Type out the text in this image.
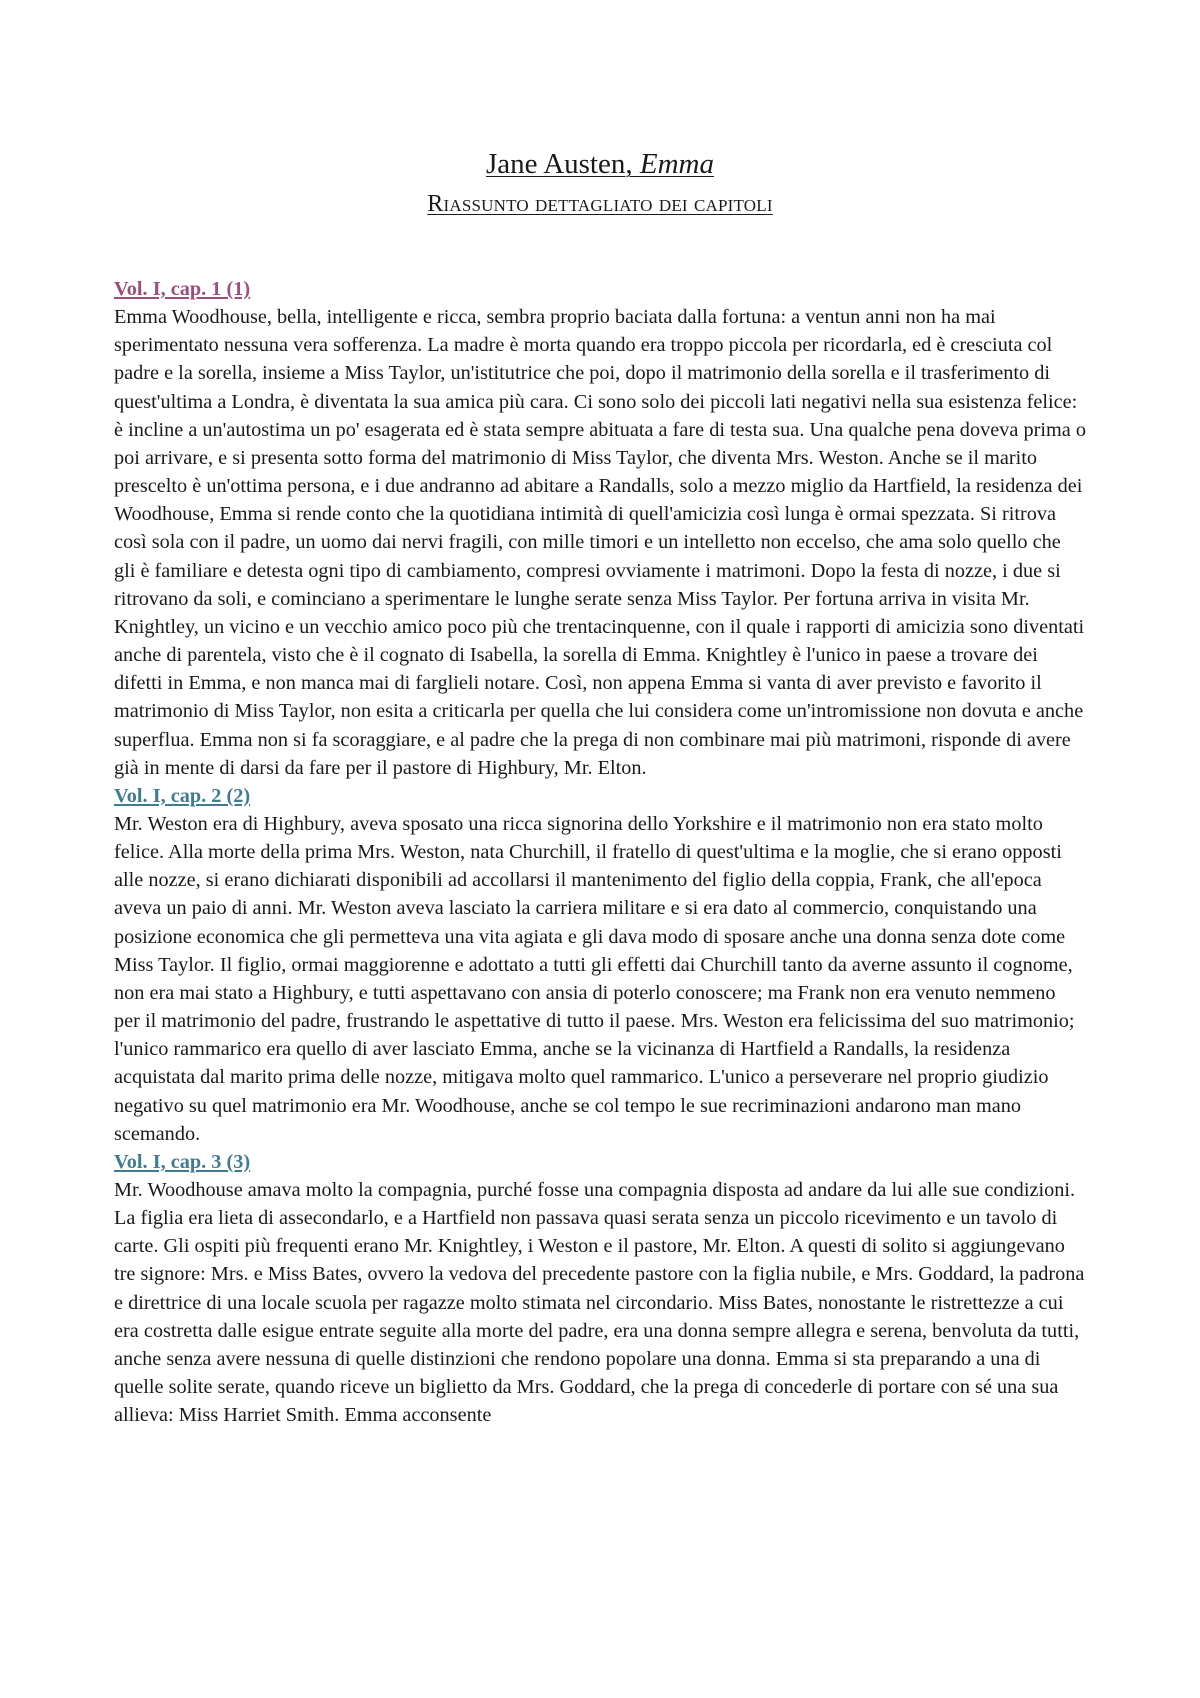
Jane Austen, Emma
Riassunto dettagliato dei capitoli
Vol. I, cap. 1 (1)

Emma Woodhouse, bella, intelligente e ricca, sembra proprio baciata dalla fortuna: a ventun anni non ha mai sperimentato nessuna vera sofferenza. La madre è morta quando era troppo piccola per ricordarla, ed è cresciuta col padre e la sorella, insieme a Miss Taylor, un'istitutrice che poi, dopo il matrimonio della sorella e il trasferimento di quest'ultima a Londra, è diventata la sua amica più cara. Ci sono solo dei piccoli lati negativi nella sua esistenza felice: è incline a un'autostima un po' esagerata ed è stata sempre abituata a fare di testa sua. Una qualche pena doveva prima o poi arrivare, e si presenta sotto forma del matrimonio di Miss Taylor, che diventa Mrs. Weston. Anche se il marito prescelto è un'ottima persona, e i due andranno ad abitare a Randalls, solo a mezzo miglio da Hartfield, la residenza dei Woodhouse, Emma si rende conto che la quotidiana intimità di quell'amicizia così lunga è ormai spezzata. Si ritrova così sola con il padre, un uomo dai nervi fragili, con mille timori e un intelletto non eccelso, che ama solo quello che gli è familiare e detesta ogni tipo di cambiamento, compresi ovviamente i matrimoni. Dopo la festa di nozze, i due si ritrovano da soli, e cominciano a sperimentare le lunghe serate senza Miss Taylor. Per fortuna arriva in visita Mr. Knightley, un vicino e un vecchio amico poco più che trentacinquenne, con il quale i rapporti di amicizia sono diventati anche di parentela, visto che è il cognato di Isabella, la sorella di Emma. Knightley è l'unico in paese a trovare dei difetti in Emma, e non manca mai di farglieli notare. Così, non appena Emma si vanta di aver previsto e favorito il matrimonio di Miss Taylor, non esita a criticarla per quella che lui considera come un'intromissione non dovuta e anche superflua. Emma non si fa scoraggiare, e al padre che la prega di non combinare mai più matrimoni, risponde di avere già in mente di darsi da fare per il pastore di Highbury, Mr. Elton.

Vol. I, cap. 2 (2)

Mr. Weston era di Highbury, aveva sposato una ricca signorina dello Yorkshire e il matrimonio non era stato molto felice. Alla morte della prima Mrs. Weston, nata Churchill, il fratello di quest'ultima e la moglie, che si erano opposti alle nozze, si erano dichiarati disponibili ad accollarsi il mantenimento del figlio della coppia, Frank, che all'epoca aveva un paio di anni. Mr. Weston aveva lasciato la carriera militare e si era dato al commercio, conquistando una posizione economica che gli permetteva una vita agiata e gli dava modo di sposare anche una donna senza dote come Miss Taylor. Il figlio, ormai maggiorenne e adottato a tutti gli effetti dai Churchill tanto da averne assunto il cognome, non era mai stato a Highbury, e tutti aspettavano con ansia di poterlo conoscere; ma Frank non era venuto nemmeno per il matrimonio del padre, frustrando le aspettative di tutto il paese. Mrs. Weston era felicissima del suo matrimonio; l'unico rammarico era quello di aver lasciato Emma, anche se la vicinanza di Hartfield a Randalls, la residenza acquistata dal marito prima delle nozze, mitigava molto quel rammarico. L'unico a perseverare nel proprio giudizio negativo su quel matrimonio era Mr. Woodhouse, anche se col tempo le sue recriminazioni andarono man mano scemando.

Vol. I, cap. 3 (3)

Mr. Woodhouse amava molto la compagnia, purché fosse una compagnia disposta ad andare da lui alle sue condizioni. La figlia era lieta di assecondarlo, e a Hartfield non passava quasi serata senza un piccolo ricevimento e un tavolo di carte. Gli ospiti più frequenti erano Mr. Knightley, i Weston e il pastore, Mr. Elton. A questi di solito si aggiungevano tre signore: Mrs. e Miss Bates, ovvero la vedova del precedente pastore con la figlia nubile, e Mrs. Goddard, la padrona e direttrice di una locale scuola per ragazze molto stimata nel circondario. Miss Bates, nonostante le ristrettezze a cui era costretta dalle esigue entrate seguite alla morte del padre, era una donna sempre allegra e serena, benvoluta da tutti, anche senza avere nessuna di quelle distinzioni che rendono popolare una donna. Emma si sta preparando a una di quelle solite serate, quando riceve un biglietto da Mrs. Goddard, che la prega di concederle di portare con sé una sua allieva: Miss Harriet Smith. Emma acconsente
